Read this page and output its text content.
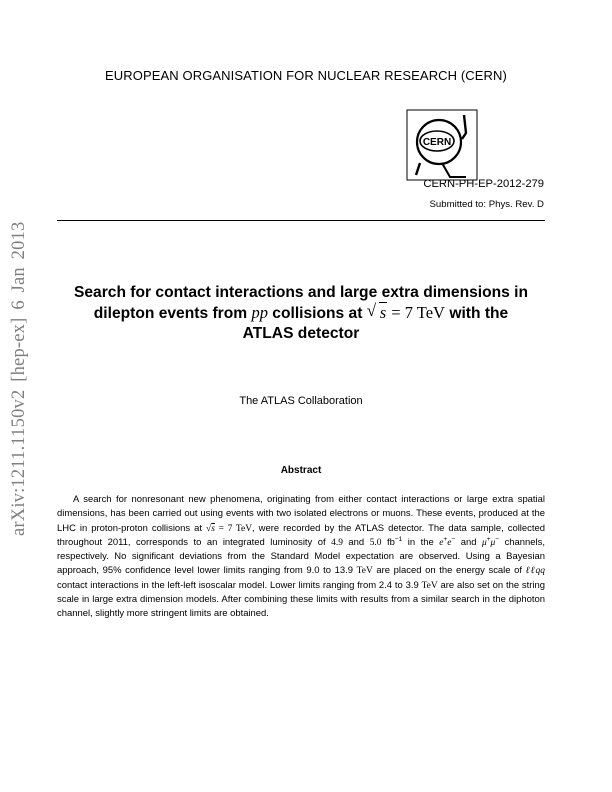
EUROPEAN ORGANISATION FOR NUCLEAR RESEARCH (CERN)
CERN
CERN-PH-EP-2012-279
Submitted to: Phys. Rev. D
arXiv:1211.1150v2 [hep-ex] 6 Jan 2013	Search for contact interactions and large extra dimensions in
dilepton events from pp collisions at √ s = 7 TeV with the
ATLAS detector
The ATLAS Collaboration
Abstract
A search for nonresonant new phenomena, originating from either contact interactions or large extra spatial dimensions, has been carried out using events with two isolated electrons or muons. These events, produced at the LHC in proton-proton collisions at √s = 7 TeV, were recorded by the ATLAS detector. The data sample, collected throughout 2011, corresponds to an integrated luminosity of 4.9 and 5.0 $fb^{-1}$ in the e+e− and μ+μ− channels, respectively. No significant deviations from the Standard Model expectation are observed. Using a Bayesian approach, 95% confidence level lower limits ranging from 9.0 to 13.9 TeV are placed on the energy scale of ℓℓqq contact interactions in the left-left isoscalar model. Lower limits ranging from 2.4 to 3.9 TeV are also set on the string scale in large extra dimension models. After combining these limits with results from a similar search in the diphoton channel, slightly more stringent limits are obtained.
